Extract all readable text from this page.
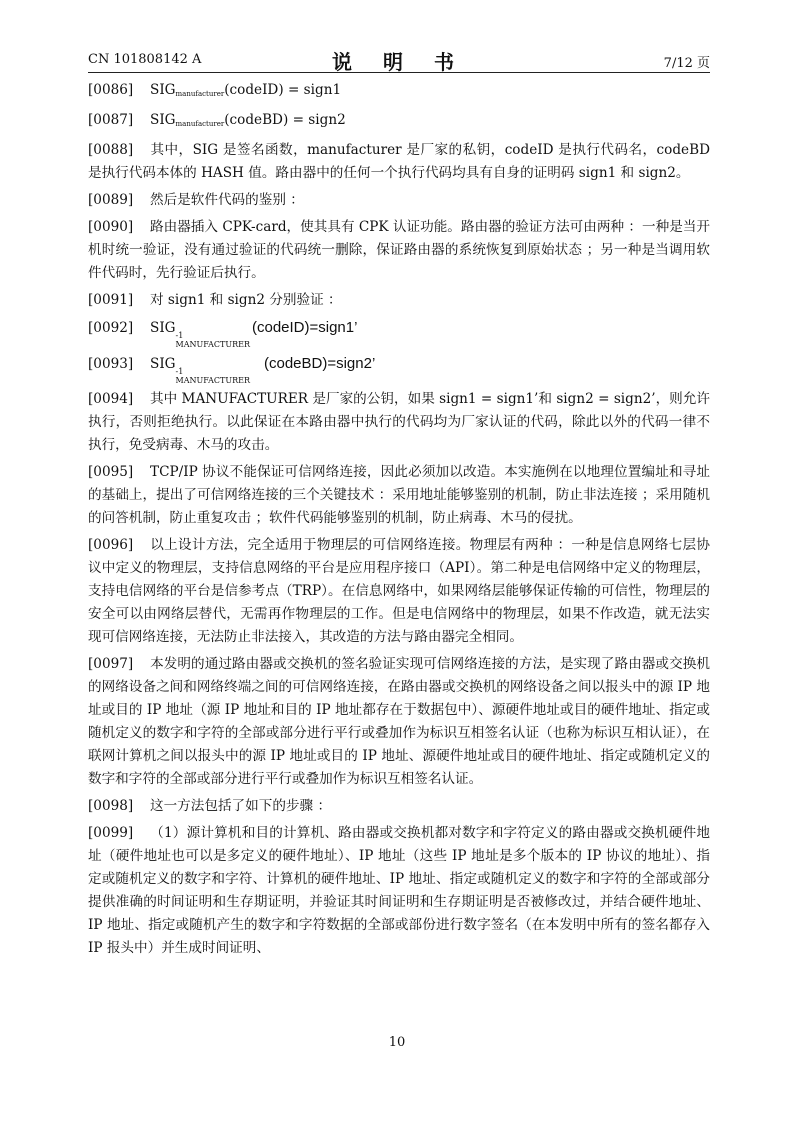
CN 101808142 A	说 明 书	7/12 页
[0086] $SIG_{manufacturer}(codeID)$ = sign1
[0087] $SIG_{manufacturer}(codeBD)$ = sign2

[0088] 其中，SIG 是签名函数，manufacturer 是厂家的私钥，codeID 是执行代码名，codeBD 是执行代码本体的 HASH 值。路由器中的任何一个执行代码均具有自身的证明码 sign1 和 sign2。

[0089] 然后是软件代码的鉴别 ：

[0090] 路由器插入 CPK-card，使其具有 CPK 认证功能。路由器的验证方法可由两种 ：一种是当开机时统一验证，没有通过验证的代码统一删除，保证路由器的系统恢复到原始状态 ；另一种是当调用软件代码时，先行验证后执行。

[0091] 对 sign1 和 sign2 分别验证 ：

[0092] SIG -1
MANUFACTURER
(codeID)=sign1’
[0093] SIG -1
MANUFACTURER
(codeBD)=sign2’

[0094] 其中 MANUFACTURER 是厂家的公钥，如果 sign1 = sign1’和 sign2 = sign2’，则允许执行，否则拒绝执行。以此保证在本路由器中执行的代码均为厂家认证的代码，除此以外的代码一律不执行，免受病毒、木马的攻击。

[0095] TCP/IP 协议不能保证可信网络连接，因此必须加以改造。本实施例在以地理位置编址和寻址的基础上，提出了可信网络连接的三个关键技术 ：采用地址能够鉴别的机制，防止非法连接 ；采用随机的问答机制，防止重复攻击 ；软件代码能够鉴别的机制，防止病毒、木马的侵扰。

[0096] 以上设计方法，完全适用于物理层的可信网络连接。物理层有两种 ：一种是信息网络七层协议中定义的物理层，支持信息网络的平台是应用程序接口（API）。第二种是电信网络中定义的物理层，支持电信网络的平台是信参考点（TRP）。在信息网络中，如果网络层能够保证传输的可信性，物理层的安全可以由网络层替代，无需再作物理层的工作。但是电信网络中的物理层，如果不作改造，就无法实现可信网络连接，无法防止非法接入，其改造的方法与路由器完全相同。

[0097] 本发明的通过路由器或交换机的签名验证实现可信网络连接的方法，是实现了路由器或交换机的网络设备之间和网络终端之间的可信网络连接，在路由器或交换机的网络设备之间以报头中的源 IP 地址或目的 IP 地址（源 IP 地址和目的 IP 地址都存在于数据包中）、源硬件地址或目的硬件地址、指定或随机定义的数字和字符的全部或部分进行平行或叠加作为标识互相签名认证（也称为标识互相认证），在联网计算机之间以报头中的源 IP 地址或目的 IP 地址、源硬件地址或目的硬件地址、指定或随机定义的数字和字符的全部或部分进行平行或叠加作为标识互相签名认证。

[0098] 这一方法包括了如下的步骤 ：

[0099] （1）源计算机和目的计算机、路由器或交换机都对数字和字符定义的路由器或交换机硬件地址（硬件地址也可以是多定义的硬件地址）、IP 地址（这些 IP 地址是多个版本的 IP 协议的地址）、指定或随机定义的数字和字符、计算机的硬件地址、IP 地址、指定或随机定义的数字和字符的全部或部分提供准确的时间证明和生存期证明，并验证其时间证明和生存期证明是否被修改过，并结合硬件地址、IP 地址、指定或随机产生的数字和字符数据的全部或部份进行数字签名（在本发明中所有的签名都存入 IP 报头中）并生成时间证明、

10
